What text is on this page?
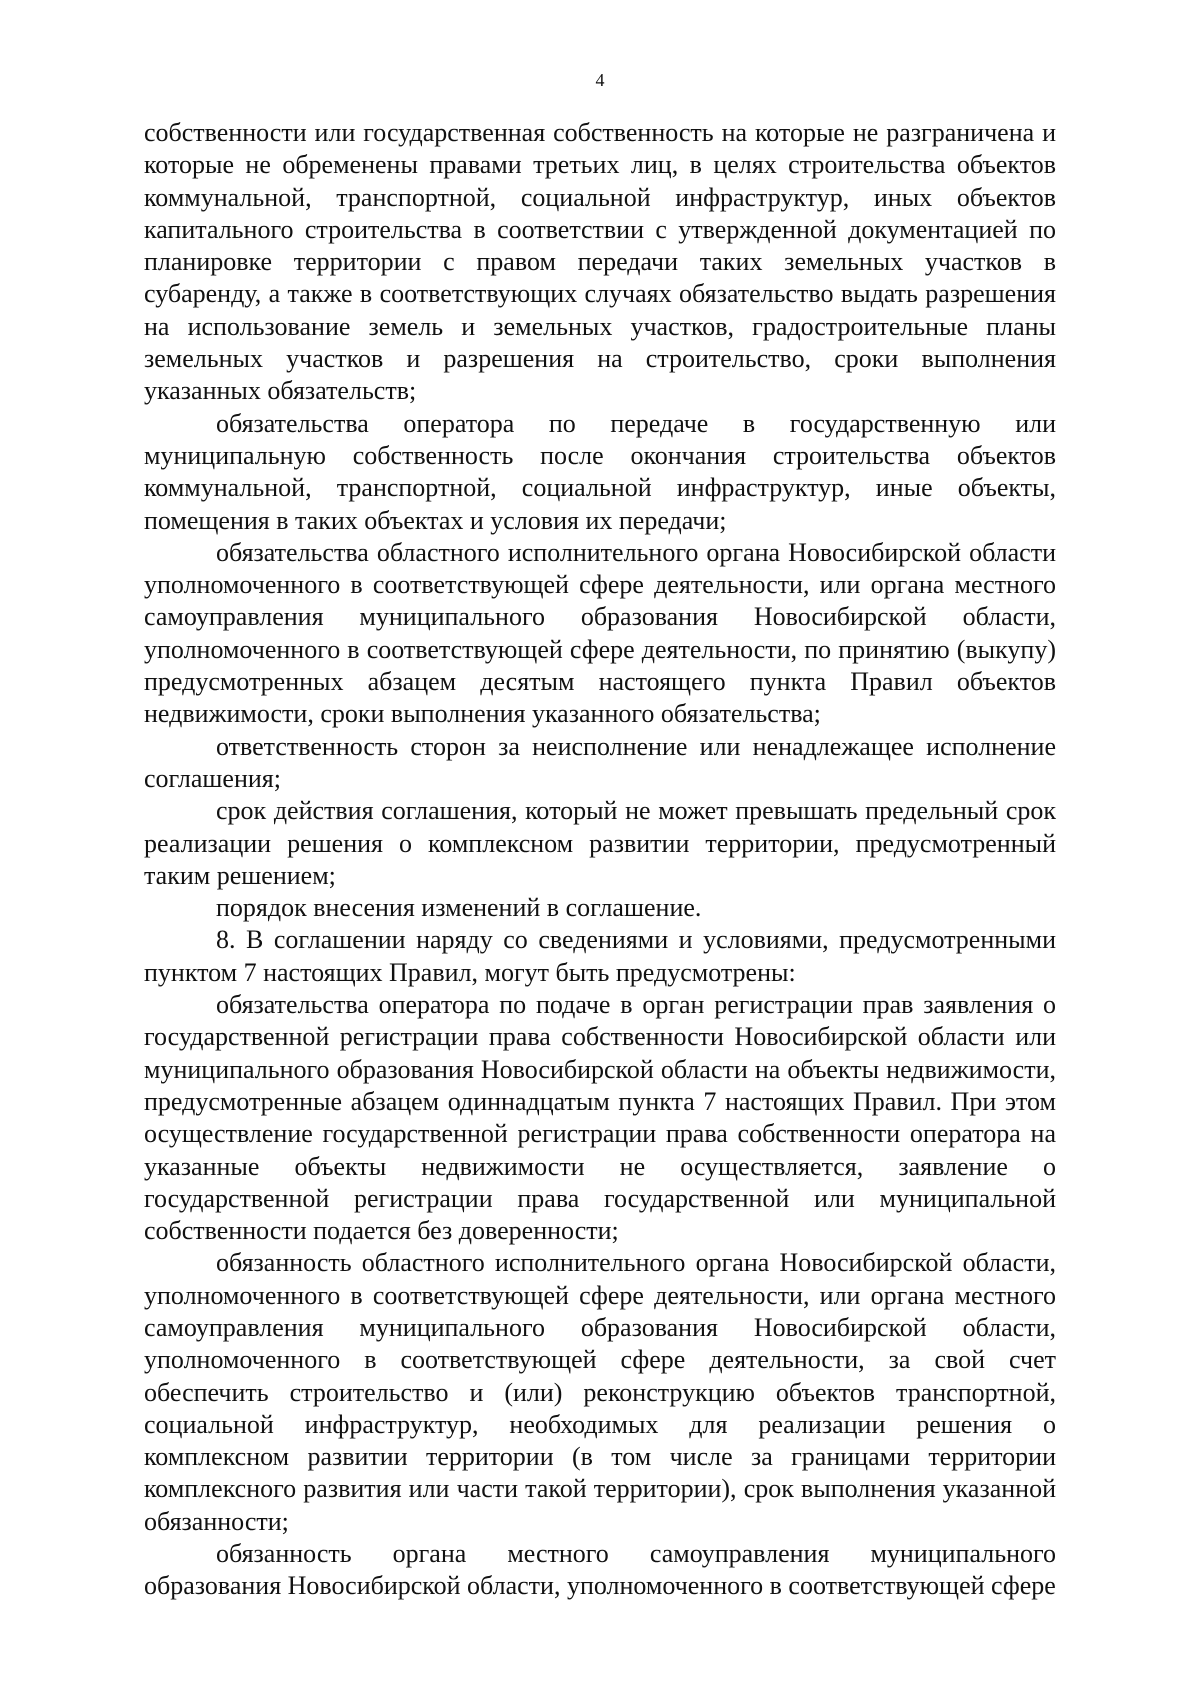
4

собственности или государственная собственность на которые не разграничена и которые не обременены правами третьих лиц, в целях строительства объектов коммунальной, транспортной, социальной инфраструктур, иных объектов капитального строительства в соответствии с утвержденной документацией по планировке территории с правом передачи таких земельных участков в субаренду, а также в соответствующих случаях обязательство выдать разрешения на использование земель и земельных участков, градостроительные планы земельных участков и разрешения на строительство, сроки выполнения указанных обязательств;

обязательства оператора по передаче в государственную или муниципальную собственность после окончания строительства объектов коммунальной, транспортной, социальной инфраструктур, иные объекты, помещения в таких объектах и условия их передачи;

обязательства областного исполнительного органа Новосибирской области уполномоченного в соответствующей сфере деятельности, или органа местного самоуправления муниципального образования Новосибирской области, уполномоченного в соответствующей сфере деятельности, по принятию (выкупу) предусмотренных абзацем десятым настоящего пункта Правил объектов недвижимости, сроки выполнения указанного обязательства;

ответственность сторон за неисполнение или ненадлежащее исполнение соглашения;

срок действия соглашения, который не может превышать предельный срок реализации решения о комплексном развитии территории, предусмотренный таким решением;

порядок внесения изменений в соглашение.

8. В соглашении наряду со сведениями и условиями, предусмотренными пунктом 7 настоящих Правил, могут быть предусмотрены:

обязательства оператора по подаче в орган регистрации прав заявления о государственной регистрации права собственности Новосибирской области или муниципального образования Новосибирской области на объекты недвижимости, предусмотренные абзацем одиннадцатым пункта 7 настоящих Правил. При этом осуществление государственной регистрации права собственности оператора на указанные объекты недвижимости не осуществляется, заявление о государственной регистрации права государственной или муниципальной собственности подается без доверенности;

обязанность областного исполнительного органа Новосибирской области, уполномоченного в соответствующей сфере деятельности, или органа местного самоуправления муниципального образования Новосибирской области, уполномоченного в соответствующей сфере деятельности, за свой счет обеспечить строительство и (или) реконструкцию объектов транспортной, социальной инфраструктур, необходимых для реализации решения о комплексном развитии территории (в том числе за границами территории комплексного развития или части такой территории), срок выполнения указанной обязанности;

обязанность органа местного самоуправления муниципального образования Новосибирской области, уполномоченного в соответствующей сфере
